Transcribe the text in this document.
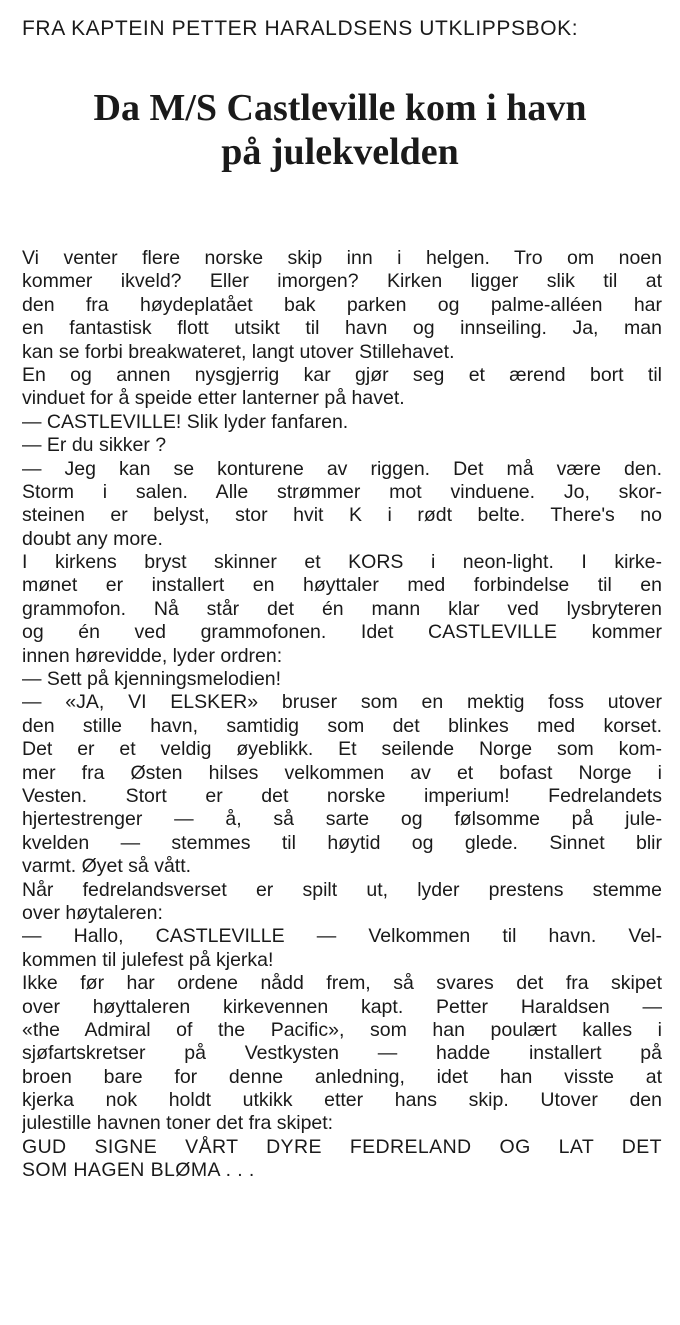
FRA KAPTEIN PETTER HARALDSENS UTKLIPPSBOK:
Da M/S Castleville kom i havn
på julekvelden
Vi venter flere norske skip inn i helgen. Tro om noen
kommer ikveld? Eller imorgen? Kirken ligger slik til at
den fra høydeplatået bak parken og palme-alléen har
en fantastisk flott utsikt til havn og innseiling. Ja, man
kan se forbi breakwateret, langt utover Stillehavet.
En og annen nysgjerrig kar gjør seg et ærend bort til
vinduet for å speide etter lanterner på havet.
— CASTLEVILLE! Slik lyder fanfaren.
— Er du sikker ?
— Jeg kan se konturene av riggen. Det må være den.
Storm i salen. Alle strømmer mot vinduene. Jo, skor-
steinen er belyst, stor hvit K i rødt belte. There's no
doubt any more.
I kirkens bryst skinner et KORS i neon-light. I kirke-
mønet er installert en høyttaler med forbindelse til en
grammofon. Nå står det én mann klar ved lysbryteren
og én ved grammofonen. Idet CASTLEVILLE kommer
innen hørevidde, lyder ordren:
— Sett på kjenningsmelodien!
— «JA, VI ELSKER» bruser som en mektig foss utover
den stille havn, samtidig som det blinkes med korset.
Det er et veldig øyeblikk. Et seilende Norge som kom-
mer fra Østen hilses velkommen av et bofast Norge i
Vesten. Stort er det norske imperium! Fedrelandets
hjertestrenger — å, så sarte og følsomme på jule-
kvelden — stemmes til høytid og glede. Sinnet blir
varmt. Øyet så vått.
Når fedrelandsverset er spilt ut, lyder prestens stemme
over høytaleren:
— Hallo, CASTLEVILLE — Velkommen til havn. Vel-
kommen til julefest på kjerka!
Ikke før har ordene nådd frem, så svares det fra skipet
over høyttaleren kirkevennen kapt. Petter Haraldsen —
«the Admiral of the Pacific», som han poulært kalles i
sjøfartskretser på Vestkysten — hadde installert på
broen bare for denne anledning, idet han visste at
kjerka nok holdt utkikk etter hans skip. Utover den
julestille havnen toner det fra skipet:
GUD SIGNE VÅRT DYRE FEDRELAND OG LAT DET
SOM HAGEN BLØMA . . .
